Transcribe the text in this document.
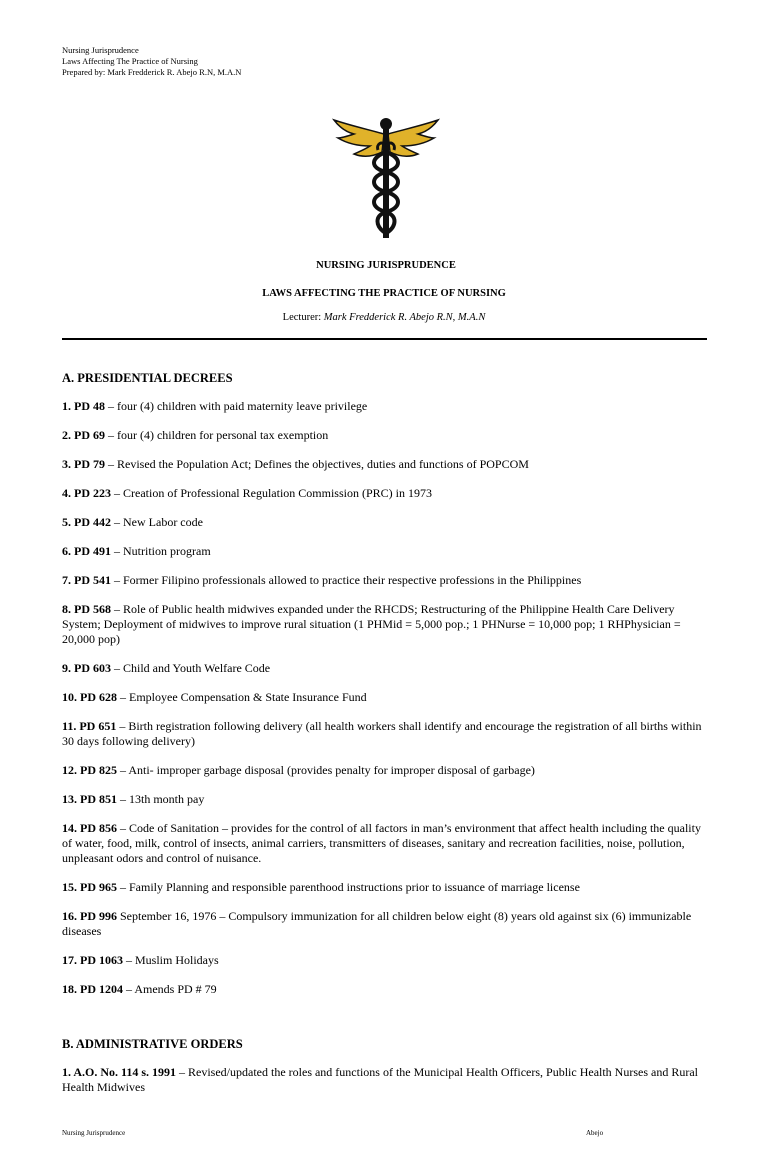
Nursing Jurisprudence
Laws Affecting The Practice of Nursing
Prepared by: Mark Fredderick R. Abejo R.N, M.A.N
NURSING JURISPRUDENCE
LAWS AFFECTING THE PRACTICE OF NURSING
Lecturer: Mark Fredderick R. Abejo R.N, M.A.N
A. PRESIDENTIAL DECREES
1. PD 48 – four (4) children with paid maternity leave privilege
2. PD 69 – four (4) children for personal tax exemption
3. PD 79 – Revised the Population Act; Defines the objectives, duties and functions of POPCOM
4. PD 223 – Creation of Professional Regulation Commission (PRC) in 1973
5. PD 442 – New Labor code
6. PD 491 – Nutrition program
7. PD 541 – Former Filipino professionals allowed to practice their respective professions in the Philippines
8. PD 568 – Role of Public health midwives expanded under the RHCDS; Restructuring of the Philippine Health Care Delivery System; Deployment of midwives to improve rural situation (1 PHMid = 5,000 pop.; 1 PHNurse = 10,000 pop; 1 RHPhysician = 20,000 pop)
9. PD 603 – Child and Youth Welfare Code
10. PD 628 – Employee Compensation & State Insurance Fund
11. PD 651 – Birth registration following delivery (all health workers shall identify and encourage the registration of all births within 30 days following delivery)
12. PD 825 – Anti- improper garbage disposal (provides penalty for improper disposal of garbage)
13. PD 851 – 13th month pay
14. PD 856 – Code of Sanitation – provides for the control of all factors in man’s environment that affect health including the quality of water, food, milk, control of insects, animal carriers, transmitters of diseases, sanitary and recreation facilities, noise, pollution, unpleasant odors and control of nuisance.
15. PD 965 – Family Planning and responsible parenthood instructions prior to issuance of marriage license
16. PD 996 September 16, 1976 – Compulsory immunization for all children below eight (8) years old against six (6) immunizable diseases
17. PD 1063 – Muslim Holidays
18. PD 1204 – Amends PD # 79
B. ADMINISTRATIVE ORDERS
1. A.O. No. 114 s. 1991 – Revised/updated the roles and functions of the Municipal Health Officers, Public Health Nurses and Rural Health Midwives
Nursing Jurisprudence	Abejo
